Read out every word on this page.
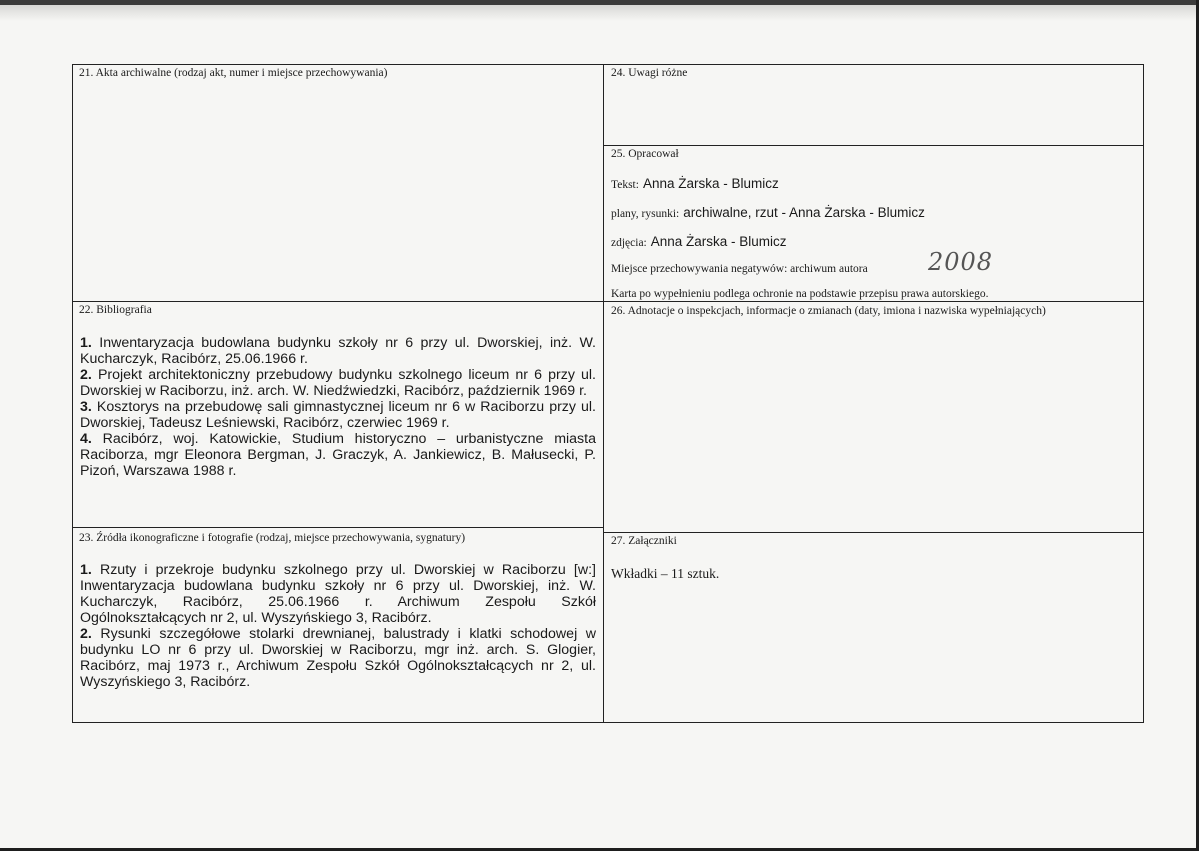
21. Akta archiwalne (rodzaj akt, numer i miejsce przechowywania)
22. Bibliografia

1. Inwentaryzacja budowlana budynku szkoły nr 6 przy ul. Dworskiej, inż. W. Kucharczyk, Racibórz, 25.06.1966 r.

2. Projekt architektoniczny przebudowy budynku szkolnego liceum nr 6 przy ul. Dworskiej w Raciborzu, inż. arch. W. Niedźwiedzki, Racibórz, październik 1969 r.

3. Kosztorys na przebudowę sali gimnastycznej liceum nr 6 w Raciborzu przy ul. Dworskiej, Tadeusz Leśniewski, Racibórz, czerwiec 1969 r.

4. Racibórz, woj. Katowickie, Studium historyczno – urbanistyczne miasta Raciborza, mgr Eleonora Bergman, J. Graczyk, A. Jankiewicz, B. Małusecki, P. Pizoń, Warszawa 1988 r.

23. Źródła ikonograficzne i fotografie (rodzaj, miejsce przechowywania, sygnatury)

1. Rzuty i przekroje budynku szkolnego przy ul. Dworskiej w Raciborzu [w:] Inwentaryzacja budowlana budynku szkoły nr 6 przy ul. Dworskiej, inż. W. Kucharczyk, Racibórz, 25.06.1966 r. Archiwum Zespołu Szkół Ogólnokształcących nr 2, ul. Wyszyńskiego 3, Racibórz.

2. Rysunki szczegółowe stolarki drewnianej, balustrady i klatki schodowej w budynku LO nr 6 przy ul. Dworskiej w Raciborzu, mgr inż. arch. S. Glogier, Racibórz, maj 1973 r., Archiwum Zespołu Szkół Ogólnokształcących nr 2, ul. Wyszyńskiego 3, Racibórz.

24. Uwagi różne
25. Opracował
Tekst: Anna Żarska - Blumicz
plany, rysunki: archiwalne, rzut - Anna Żarska - Blumicz
zdjęcia: Anna Żarska - Blumicz
Miejsce przechowywania negatywów: archiwum autora	2008
Karta po wypełnieniu podlega ochronie na podstawie przepisu prawa autorskiego.
26. Adnotacje o inspekcjach, informacje o zmianach (daty, imiona i nazwiska wypełniających)
27. Załączniki
Wkładki – 11 sztuk.
